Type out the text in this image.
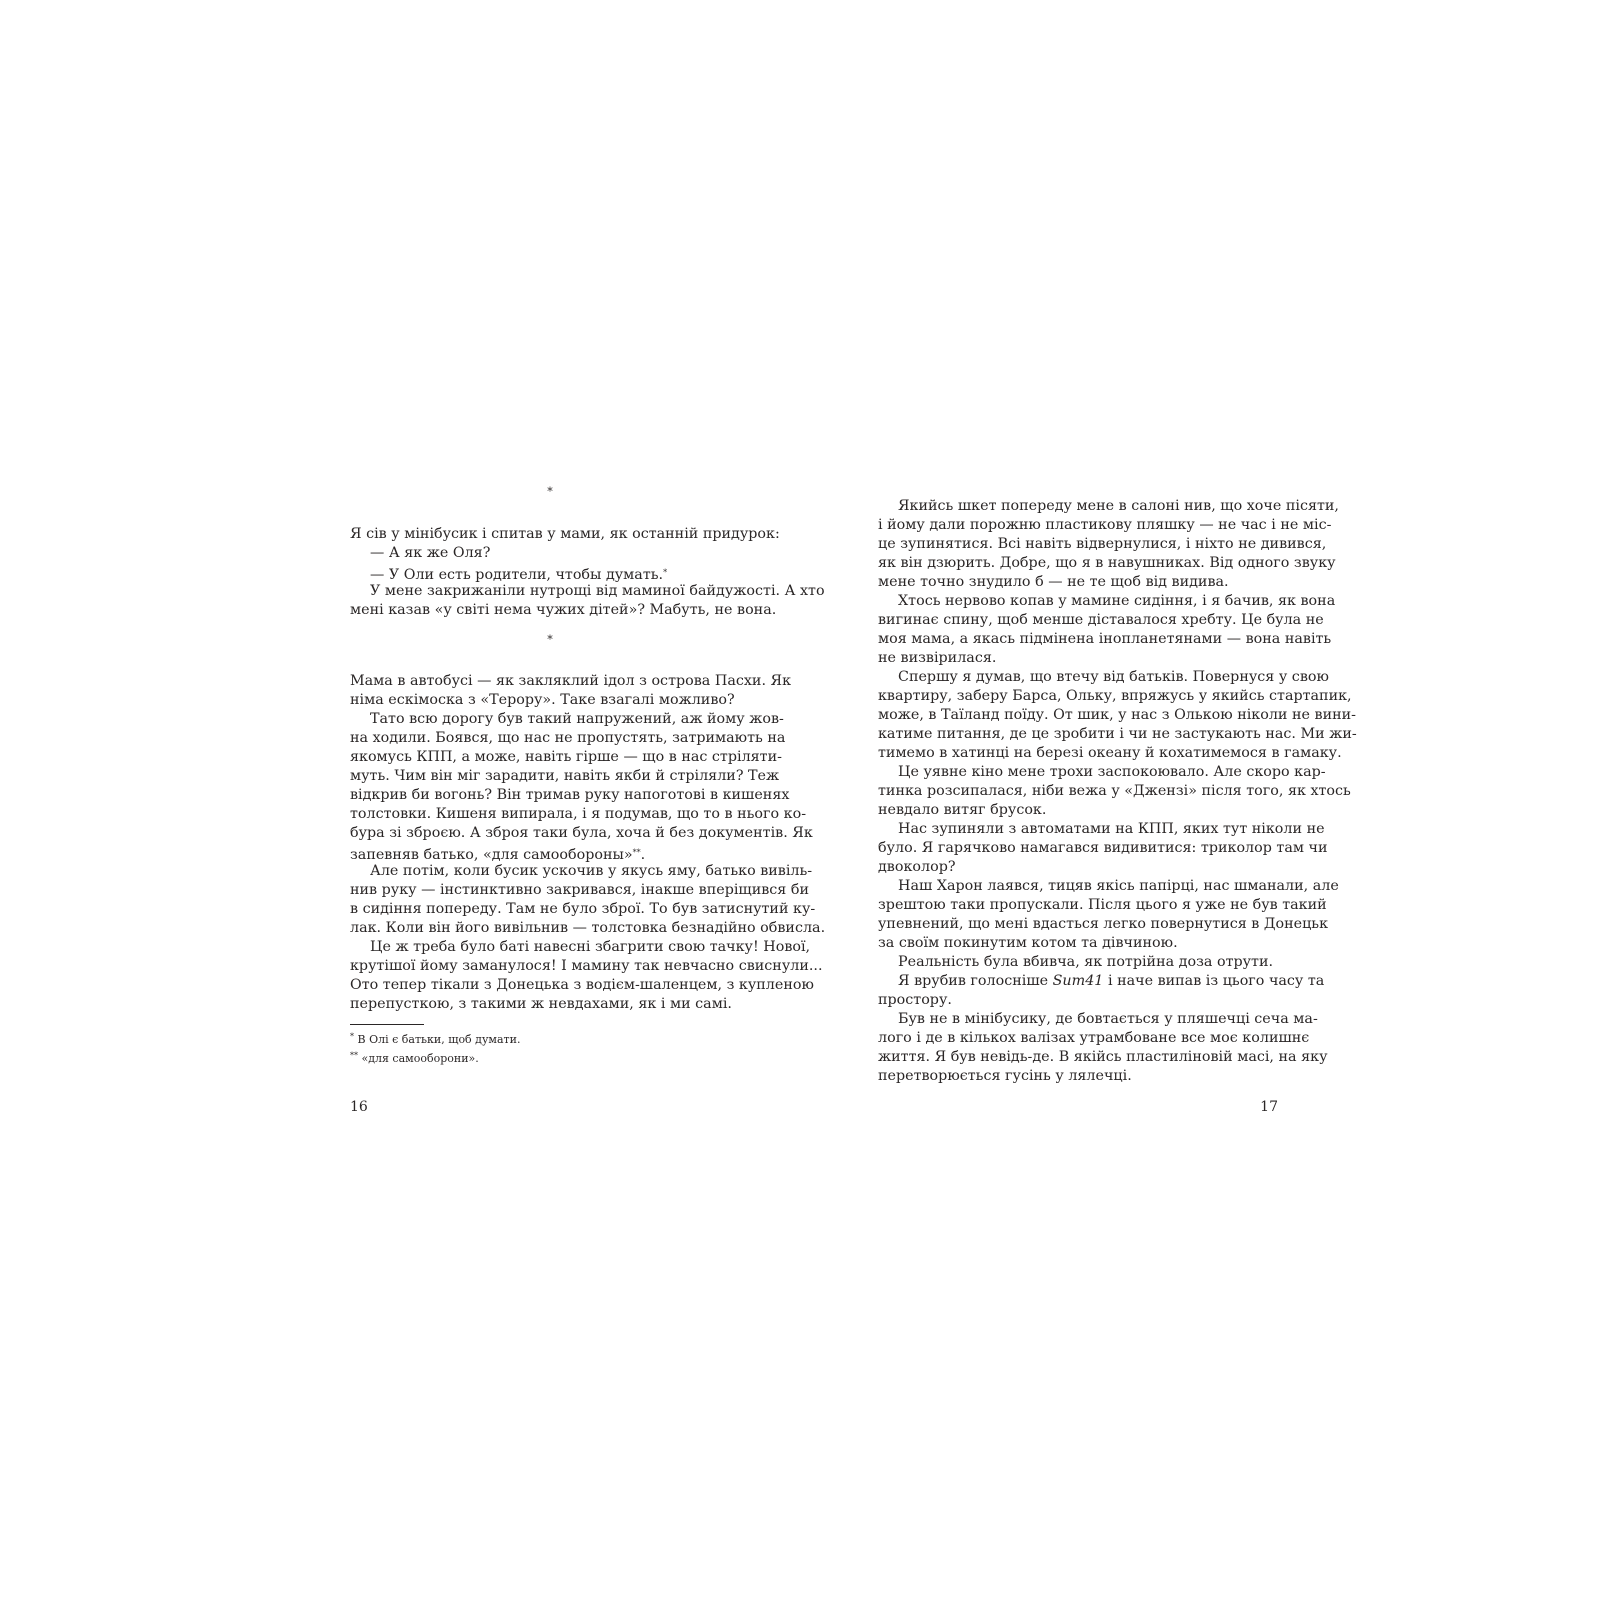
*
Я сів у мінібусик і спитав у мами, як останній придурок:
— А як же Оля?
— У Оли есть родители, чтобы думать.*
У мене закрижаніли нутрощі від маминої байдужості. А хто
мені казав «у світі нема чужих дітей»? Мабуть, не вона.
*
Мама в автобусі — як закляклий ідол з острова Пасхи. Як
німа ескімоска з «Терору». Таке взагалі можливо?
Тато всю дорогу був такий напружений, аж йому жов-
на ходили. Боявся, що нас не пропустять, затримають на
якомусь КПП, а може, навіть гірше — що в нас стріляти-
муть. Чим він міг зарадити, навіть якби й стріляли? Теж
відкрив би вогонь? Він тримав руку напоготові в кишенях
толстовки. Кишеня випирала, і я подумав, що то в нього ко-
бура зі зброєю. А зброя таки була, хоча й без документів. Як
запевняв батько, «для самообороны»**.
Але потім, коли бусик ускочив у якусь яму, батько вивіль-
нив руку — інстинктивно закривався, інакше вперіщився би
в сидіння попереду. Там не було зброї. То був затиснутий ку-
лак. Коли він його вивільнив — толстовка безнадійно обвисла.
Це ж треба було баті навесні збагрити свою тачку! Нової,
крутішої йому заманулося! І мамину так невчасно свиснули...
Ото тепер тікали з Донецька з водієм-шаленцем, з купленою
перепусткою, з такими ж невдахами, як і ми самі.
* В Олі є батьки, щоб думати.
** «для самооборони».
16
Якийсь шкет попереду мене в салоні нив, що хоче пісяти,
і йому дали порожню пластикову пляшку — не час і не міс-
це зупинятися. Всі навіть відвернулися, і ніхто не дивився,
як він дзюрить. Добре, що я в навушниках. Від одного звуку
мене точно знудило б — не те щоб від видива.
Хтось нервово копав у мамине сидіння, і я бачив, як вона
вигинає спину, щоб менше діставалося хребту. Це була не
моя мама, а якась підмінена інопланетянами — вона навіть
не визвірилася.
Спершу я думав, що втечу від батьків. Повернуся у свою
квартиру, заберу Барса, Ольку, впряжусь у якийсь стартапик,
може, в Таїланд поїду. От шик, у нас з Олькою ніколи не вини-
катиме питання, де це зробити і чи не застукають нас. Ми жи-
тимемо в хатинці на березі океану й кохатимемося в гамаку.
Це уявне кіно мене трохи заспокоювало. Але скоро кар-
тинка розсипалася, ніби вежа у «Джензі» після того, як хтось
невдало витяг брусок.
Нас зупиняли з автоматами на КПП, яких тут ніколи не
було. Я гарячково намагався видивитися: триколор там чи
двоколор?
Наш Харон лаявся, тицяв якісь папірці, нас шманали, але
зрештою таки пропускали. Після цього я уже не був такий
упевнений, що мені вдасться легко повернутися в Донецьк
за своїм покинутим котом та дівчиною.
Реальність була вбивча, як потрійна доза отрути.
Я врубив голосніше Sum41 і наче випав із цього часу та
простору.
Був не в мінібусику, де бовтається у пляшечці сеча ма-
лого і де в кількох валізах утрамбоване все моє колишнє
життя. Я був невідь-де. В якійсь пластиліновій масі, на яку
перетворюється гусінь у лялечці.
17
